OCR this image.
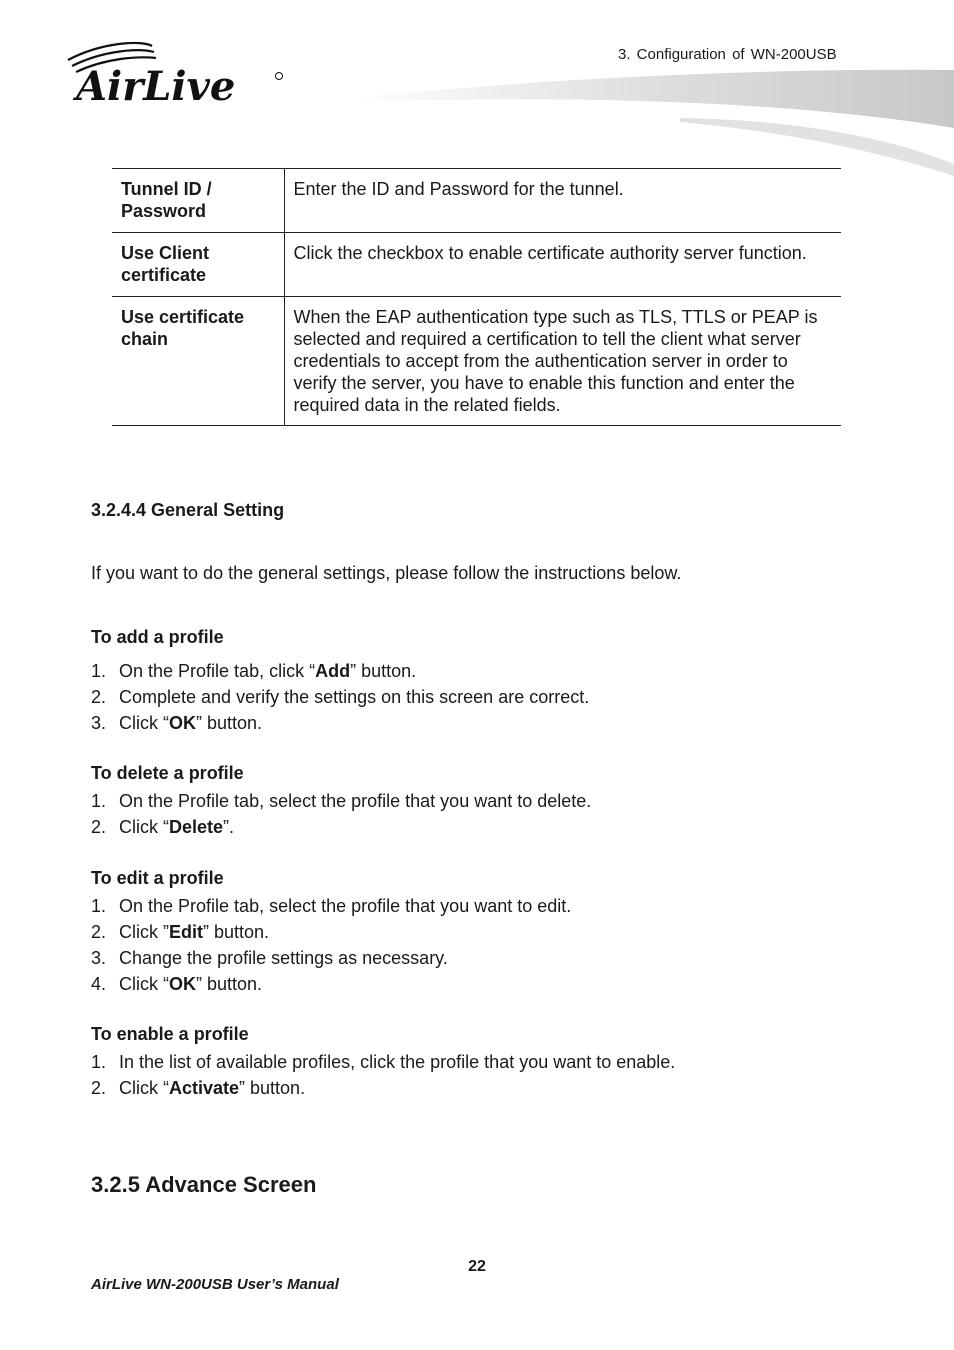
AirLive
3. Configuration of WN-200USB
Tunnel ID / Password	Enter the ID and Password for the tunnel.
Use Client certificate	Click the checkbox to enable certificate authority server function.
Use certificate chain	When the EAP authentication type such as TLS, TTLS or PEAP is selected and required a certification to tell the client what server credentials to accept from the authentication server in order to verify the server, you have to enable this function and enter the required data in the related fields.
3.2.4.4 General Setting
If you want to do the general settings, please follow the instructions below.
To add a profile
1. On the Profile tab, click “Add” button.
2. Complete and verify the settings on this screen are correct.
3. Click “OK” button.
To delete a profile
1. On the Profile tab, select the profile that you want to delete.
2. Click “Delete”.
To edit a profile
1. On the Profile tab, select the profile that you want to edit.
2. Click ”Edit” button.
3. Change the profile settings as necessary.
4. Click “OK” button.
To enable a profile
1. In the list of available profiles, click the profile that you want to enable.
2. Click “Activate” button.
3.2.5 Advance Screen
22
AirLive WN-200USB User’s Manual
